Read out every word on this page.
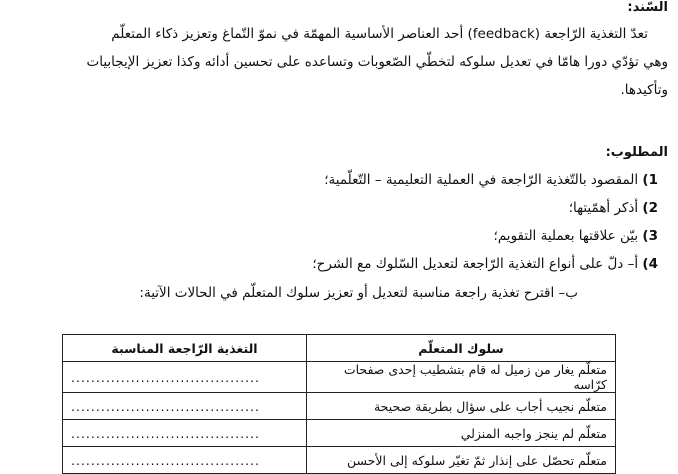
السّند:
تعدّ التغذية الرّاجعة (feedback) أحد العناصر الأساسية المهمّة في نموّ التّماغ وتعزيز ذكاء المتعلّم
وهي تؤدّي دورا هامّا في تعديل سلوكه لتخطّي الصّعوبات وتساعده على تحسين أدائه وكذا تعزيز الإيجابيات
وتأكيدها.
المطلوب:
1) المقصود بالتّغذية الرّاجعة في العملية التعليمية – التّعلّمية؛
2) أذكر أهمّيتها؛
3) بيّن علاقتها بعملية التقويم؛
4) أ– دلّ على أنواع التغذية الرّاجعة لتعديل السّلوك مع الشرح؛
ب– اقترح تغذية راجعة مناسبة لتعديل أو تعزيز سلوك المتعلّم في الحالات الآتية:
سلوك المتعلّم	التغذية الرّاجعة المناسبة
متعلّم يغار من زميل له قام بتشطيب إحدى صفحات كرّاسه	......................................
متعلّم نجيب أجاب على سؤال بطريقة صحيحة	......................................
متعلّم لم ينجز واجبه المنزلي	......................................
متعلّم تحصّل على إنذار ثمّ تغيّر سلوكه إلى الأحسن	......................................
